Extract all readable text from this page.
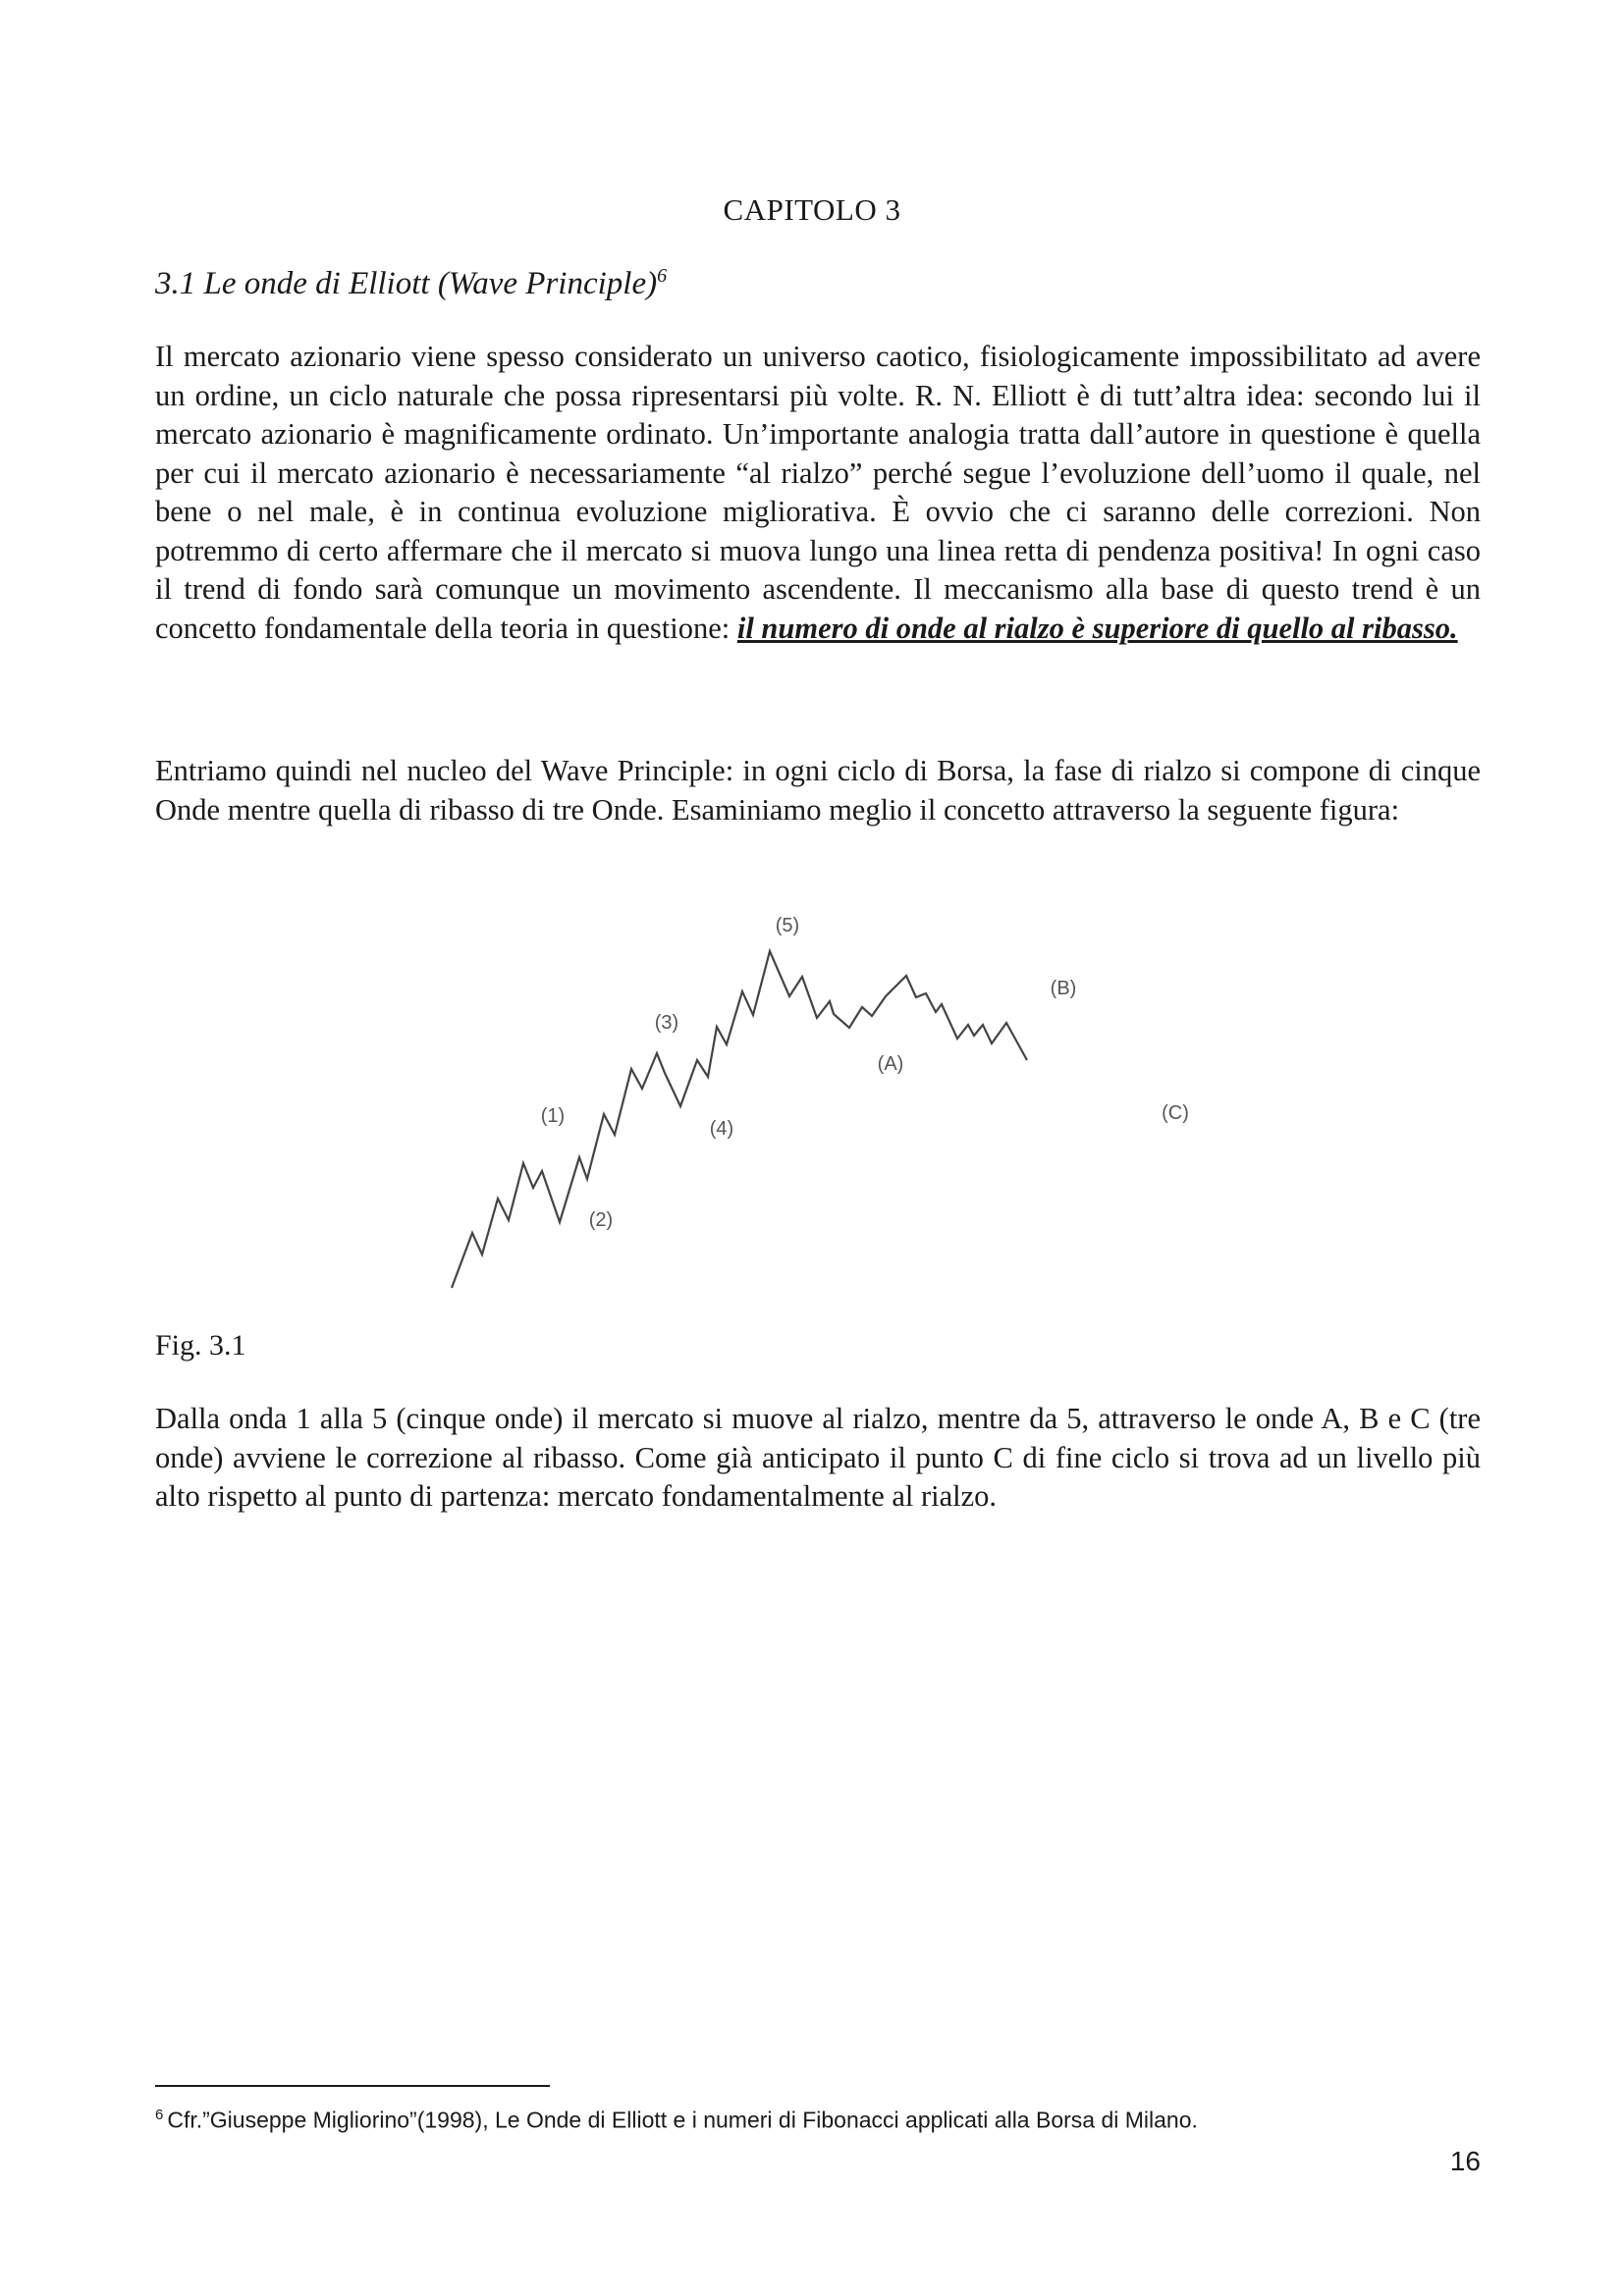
CAPITOLO 3
3.1 Le onde di Elliott (Wave Principle)$^6$
Il mercato azionario viene spesso considerato un universo caotico, fisiologicamente impossibilitato ad avere un ordine, un ciclo naturale che possa ripresentarsi più volte. R. N. Elliott è di tutt’altra idea: secondo lui il mercato azionario è magnificamente ordinato. Un’importante analogia tratta dall’autore in questione è quella per cui il mercato azionario è necessariamente “al rialzo” perché segue l’evoluzione dell’uomo il quale, nel bene o nel male, è in continua evoluzione migliorativa. È ovvio che ci saranno delle correzioni. Non potremmo di certo affermare che il mercato si muova lungo una linea retta di pendenza positiva! In ogni caso il trend di fondo sarà comunque un movimento ascendente. Il meccanismo alla base di questo trend è un concetto fondamentale della teoria in questione: il numero di onde al rialzo è superiore di quello al ribasso.
Entriamo quindi nel nucleo del Wave Principle: in ogni ciclo di Borsa, la fase di rialzo si compone di cinque Onde mentre quella di ribasso di tre Onde. Esaminiamo meglio il concetto attraverso la seguente figura:
(1)
(2)
(3)
(4)
(5)
(A)
(B)
(C)
Fig. 3.1
Dalla onda 1 alla 5 (cinque onde) il mercato si muove al rialzo, mentre da 5, attraverso le onde A, B e C (tre onde) avviene le correzione al ribasso. Come già anticipato il punto C di fine ciclo si trova ad un livello più alto rispetto al punto di partenza: mercato fondamentalmente al rialzo.
$^6$ Cfr.”Giuseppe Migliorino”(1998), Le Onde di Elliott e i numeri di Fibonacci applicati alla Borsa di Milano.
16
